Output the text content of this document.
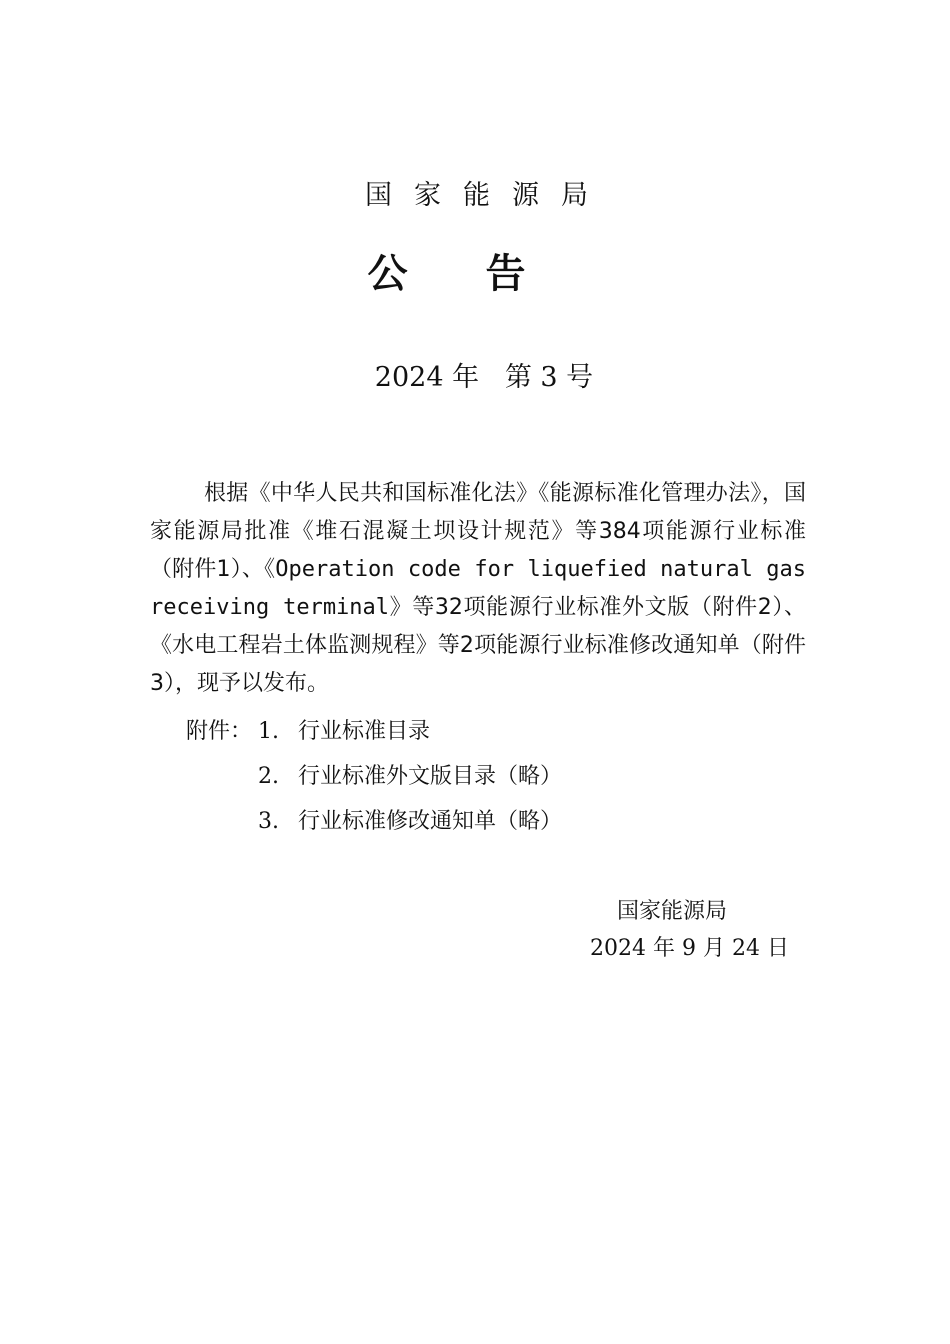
国家能源局
公告
2024 年   第 3 号

根据《中华人民共和国标准化法》《能源标准化管理办法》，国家能源局批准《堆石混凝土坝设计规范》等384项能源行业标准（附件1）、《Operation code for liquefied natural gas receiving terminal》等32项能源行业标准外文版（附件2）、《水电工程岩土体监测规程》等2项能源行业标准修改通知单（附件3），现予以发布。

附件： 1. 行业标准目录
2. 行业标准外文版目录（略）
3. 行业标准修改通知单（略）
国家能源局
2024 年 9 月 24 日
